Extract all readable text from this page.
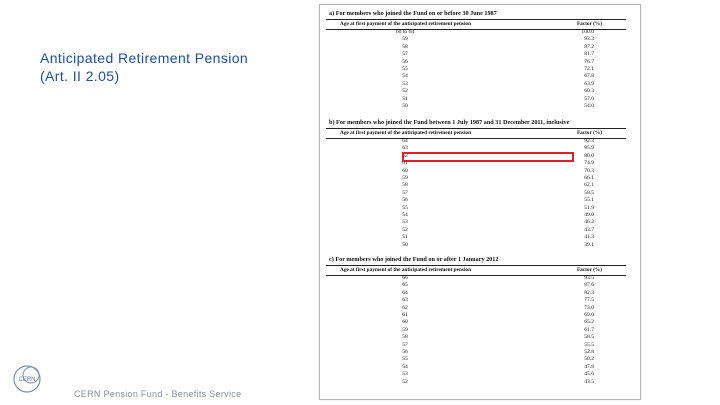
Anticipated Retirement Pension
(Art. II 2.05)
CERN
CERN Pension Fund - Benefits Service
a) For members who joined the Fund on or before 30 June 1987
Age at first payment of the anticipated retirement pension	Factor (%)
60 to 64	100.0
59	93.3
58	87.2
57	81.7
56	76.7
55	72.1
54	67.8
53	63.9
52	60.3
51	57.0
50	54.0
b) For members who joined the Fund between 1 July 1987 and 31 December 2011, inclusive
Age at first payment of the anticipated retirement pension	Factor (%)
64	92.3
63	85.9
62	80.0
61	74.9
60	70.3
59	66.1
58	62.1
57	58.5
56	55.1
55	51.9
54	49.0
53	46.2
52	43.7
51	41.3
50	39.1
c) For members who joined the Fund on or after 1 January 2012
Age at first payment of the anticipated retirement pension	Factor (%)
66	93.5
65	87.6
64	82.3
63	77.5
62	73.0
61	69.0
60	65.2
59	61.7
58	58.5
57	55.5
56	52.8
55	50.2
54	47.8
53	45.6
52	43.5
